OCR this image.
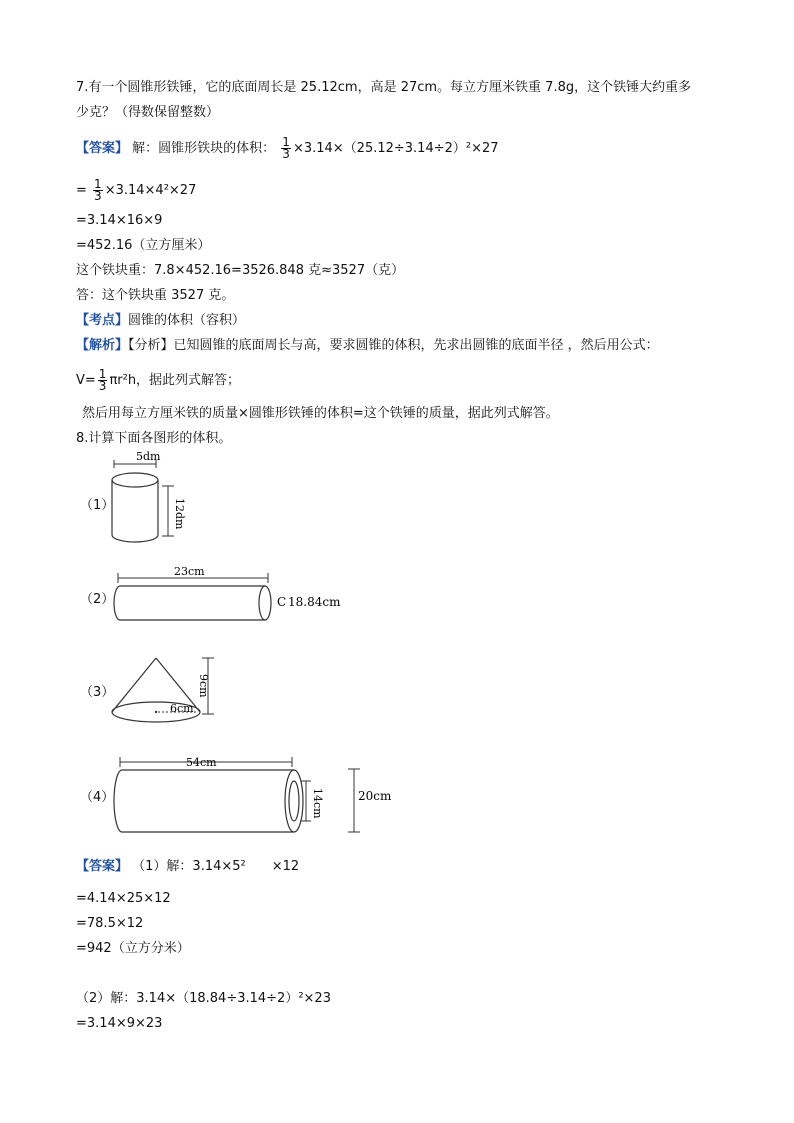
7.有一个圆锥形铁锤，它的底面周长是 25.12cm，高是 27cm。每立方厘米铁重 7.8g，这个铁锤大约重多
少克？（得数保留整数）
【答案】 解：圆锥形铁块的体积： $\frac{1}{3} \times 3.14\times(25.12\div 3.14\div 2)^2\times 27$
= $\frac{1}{3} \times 3.14\times 4^2\times 27$
=3.14×16×9
=452.16（立方厘米）
这个铁块重：7.8×452.16=3526.848 克≈3527（克）
答：这个铁块重 3527 克。
【考点】圆锥的体积（容积）
【解析】【分析】已知圆锥的底面周长与高，要求圆锥的体积，先求出圆锥的底面半径 ，然后用公式：
$V= \frac{1}{3} \pi r^2h$，据此列式解答；
然后用每立方厘米铁的质量×圆锥形铁锤的体积=这个铁锤的质量，据此列式解答。
8.计算下面各图形的体积。
（1）
5dm
12dm
（2）
23cm
C 18.84cm
（3）
6cm
9cm
（4）
54cm
14cm	20cm
【答案】 （1）解：3.14×5²　　×12
=4.14×25×12
=78.5×12
=942（立方分米）
（2）解：3.14×（18.84÷3.14÷2）²×23
=3.14×9×23
